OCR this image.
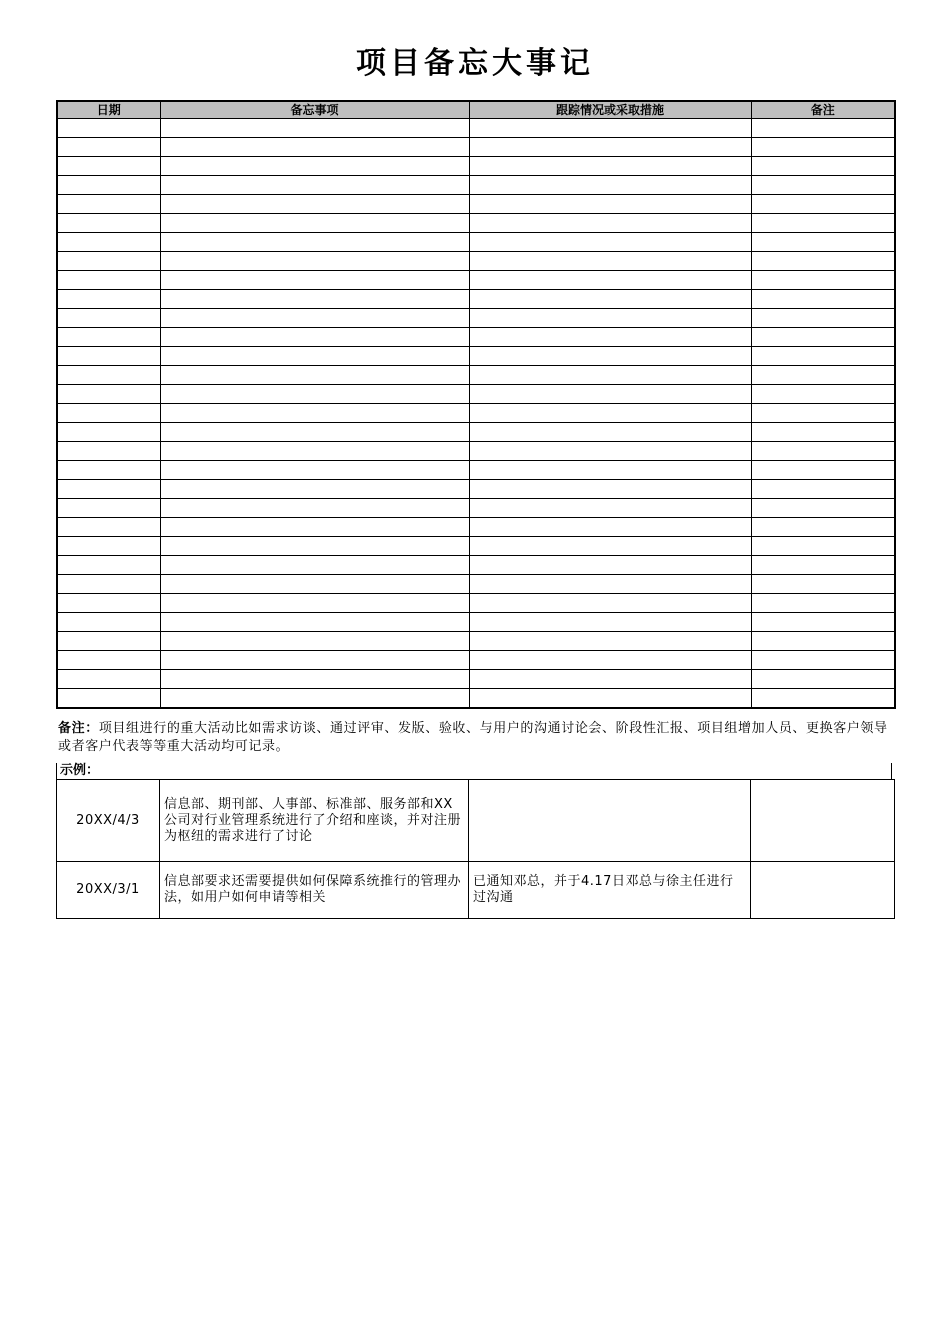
项目备忘大事记
日期	备忘事项	跟踪情况或采取措施	备注

备注：项目组进行的重大活动比如需求访谈、通过评审、发版、验收、与用户的沟通讨论会、阶段性汇报、项目组增加人员、更换客户领导或者客户代表等等重大活动均可记录。
示例：
20XX/4/3	信息部、期刊部、人事部、标准部、服务部和XX公司对行业管理系统进行了介绍和座谈，并对注册为枢纽的需求进行了讨论		
20XX/3/1	信息部要求还需要提供如何保障系统推行的管理办法，如用户如何申请等相关	已通知邓总，并于4.17日邓总与徐主任进行过沟通	
